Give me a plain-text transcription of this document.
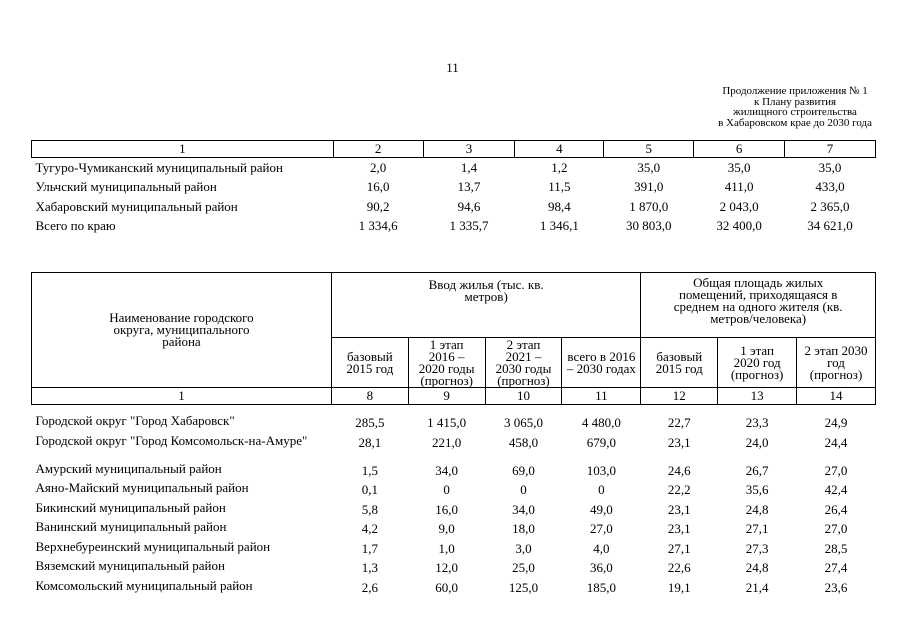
11
Продолжение приложения № 1
к Плану развития
жилищного строительства
в Хабаровском крае до 2030 года
1	2	3	4	5	6	7
Тугуро-Чумиканский муниципальный район	2,0	1,4	1,2	35,0	35,0	35,0
Ульчский муниципальный район	16,0	13,7	11,5	391,0	411,0	433,0
Хабаровский муниципальный район	90,2	94,6	98,4	1 870,0	2 043,0	2 365,0
Всего по краю	1 334,6	1 335,7	1 346,1	30 803,0	32 400,0	34 621,0
Наименование городского округа, муниципального района	Ввод жилья (тыс. кв. метров)				Общая площадь жилых помещений, приходящаяся в среднем на одного жителя (кв. метров/человека)		

	базовый 2015 год	1 этап 2016 – 2020 годы (прогноз)	2 этап 2021 – 2030 годы (прогноз)	всего в 2016 – 2030 годах	базовый 2015 год	1 этап 2020 год (прогноз)	2 этап 2030 год (прогноз)

1	8	9	10	11	12	13	14

Городской округ "Город Хабаровск"	285,5	1 415,0	3 065,0	4 480,0	22,7	23,3	24,9

Городской округ "Город Комсомольск-на-Амуре"	28,1	221,0	458,0	679,0	23,1	24,0	24,4
Амурский муниципальный район	1,5	34,0	69,0	103,0	24,6	26,7	27,0
Аяно-Майский муниципальный район	0,1	0	0	0	22,2	35,6	42,4
Бикинский муниципальный район	5,8	16,0	34,0	49,0	23,1	24,8	26,4
Ванинский муниципальный район	4,2	9,0	18,0	27,0	23,1	27,1	27,0
Верхнебуреинский муниципальный район	1,7	1,0	3,0	4,0	27,1	27,3	28,5
Вяземский муниципальный район	1,3	12,0	25,0	36,0	22,6	24,8	27,4
Комсомольский муниципальный район	2,6	60,0	125,0	185,0	19,1	21,4	23,6
